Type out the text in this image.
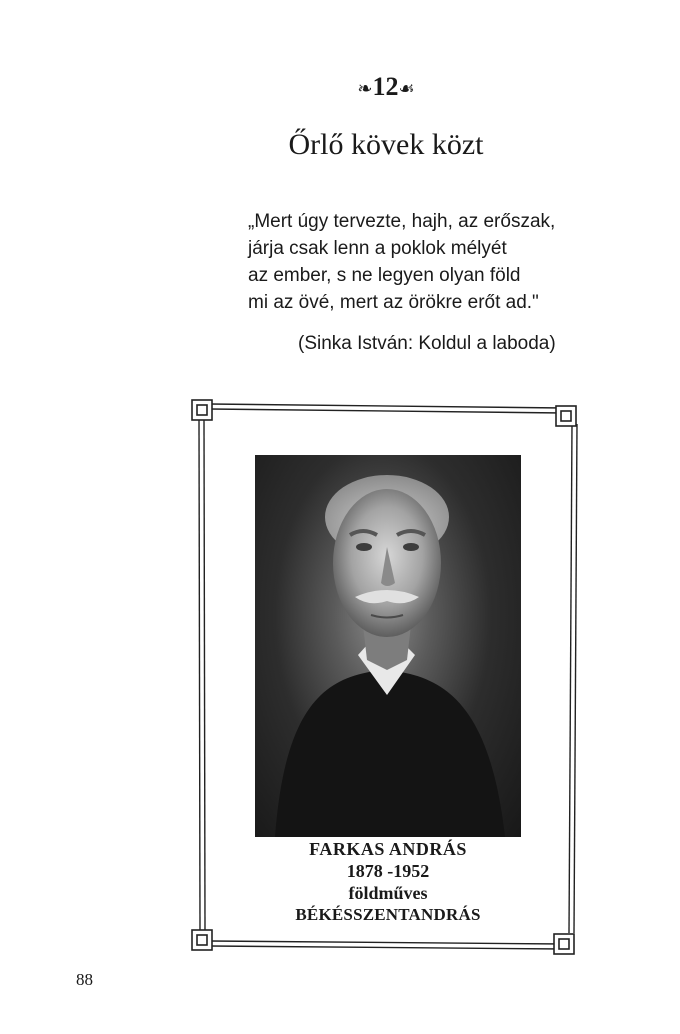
❧12☙
Őrlő kövek közt
„Mert úgy tervezte, hajh, az erőszak,
járja csak lenn a poklok mélyét
az ember, s ne legyen olyan föld
mi az övé, mert az örökre erőt ad."
(Sinka István: Koldul a laboda)
FARKAS ANDRÁS
1878 -1952
földműves
BÉKÉSSZENTANDRÁS
88
